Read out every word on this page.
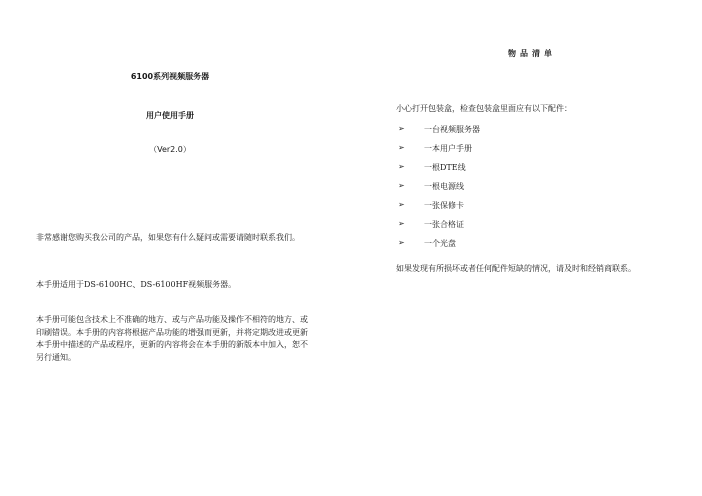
6100系列视频服务器
用户使用手册
（Ver2.0）
非常感谢您购买我公司的产品，如果您有什么疑问或需要请随时联系我们。
本手册适用于DS-6100HC、DS-6100HF视频服务器。
本手册可能包含技术上不准确的地方、或与产品功能及操作不相符的地方、或印刷错误。本手册的内容将根据产品功能的增强而更新，并将定期改进或更新本手册中描述的产品或程序，更新的内容将会在本手册的新版本中加入，恕不另行通知。
物品清单
小心打开包装盒，检查包装盒里面应有以下配件：
➢	一台视频服务器
➢	一本用户手册
➢	一根DTE线
➢	一根电源线
➢	一张保修卡
➢	一张合格证
➢	一个光盘
如果发现有所损坏或者任何配件短缺的情况，请及时和经销商联系。
